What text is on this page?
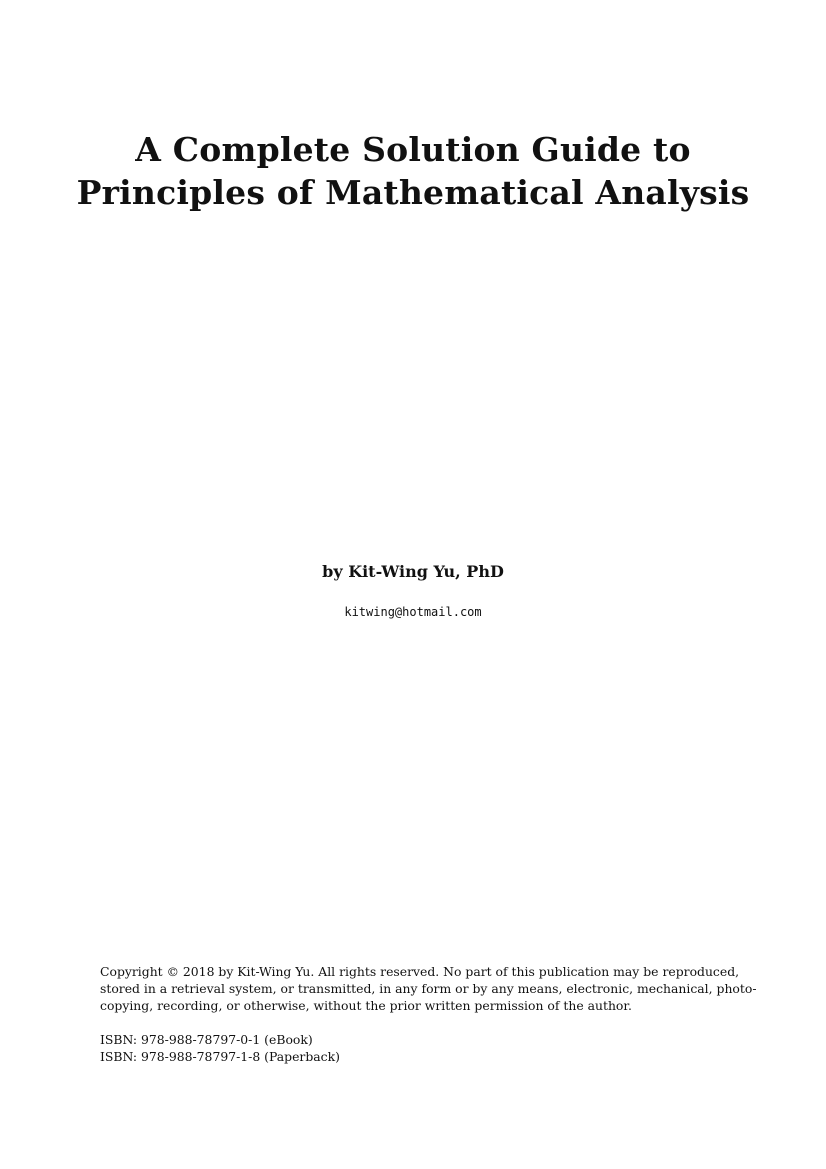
A Complete Solution Guide to
Principles of Mathematical Analysis
by Kit-Wing Yu, PhD
kitwing@hotmail.com
Copyright © 2018 by Kit-Wing Yu. All rights reserved. No part of this publication may be reproduced,
stored in a retrieval system, or transmitted, in any form or by any means, electronic, mechanical, photo-
copying, recording, or otherwise, without the prior written permission of the author.
ISBN: 978-988-78797-0-1 (eBook)
ISBN: 978-988-78797-1-8 (Paperback)
